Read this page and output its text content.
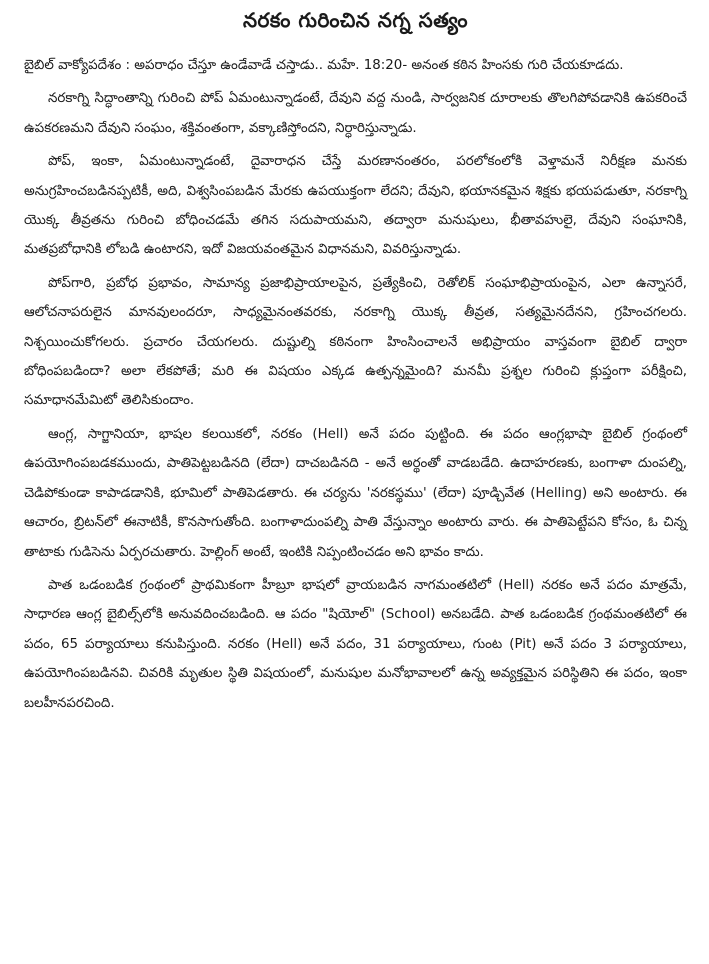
నరకం గురించిన నగ్న సత్యం

బైబిల్ వాక్యోపదేశం : అపరాధం చేస్తూ ఉండేవాడే చస్తాడు.. మహే. 18:20- అనంత కఠిన హింసకు గురి చేయకూడదు.

నరకాగ్ని సిద్ధాంతాన్ని గురించి పోప్ ఏమంటున్నాడంటే, దేవుని వద్ద నుండి, సార్వజనిక దూరాలకు తొలగిపోవడానికి ఉపకరించే ఉపకరణమని దేవుని సంఘం, శక్తివంతంగా, వక్కాణిస్తోందని, నిర్ధారిస్తున్నాడు.

పోప్, ఇంకా, ఏమంటున్నాడంటే, దైవారాధన చేస్తే మరణానంతరం, పరలోకంలోకి వెళ్తామనే నిరీక్షణ మనకు అనుగ్రహించబడినప్పటికీ, అది, విశ్వసింపబడిన మేరకు ఉపయుక్తంగా లేదని; దేవుని, భయానకమైన శిక్షకు భయపడుతూ, నరకాగ్ని యొక్క తీవ్రతను గురించి బోధించడమే తగిన సదుపాయమని, తద్వారా మనుషులు, భీతావహులై, దేవుని సంఘానికి, మతప్రబోధానికి లోబడి ఉంటారని, ఇదో విజయవంతమైన విధానమని, వివరిస్తున్నాడు.

పోప్‌గారి, ప్రబోధ ప్రభావం, సామాన్య ప్రజాభిప్రాయాలపైన, ప్రత్యేకించి, రెతోలిక్ సంఘాభిప్రాయంపైన, ఎలా ఉన్నాసరే, ఆలోచనాపరులైన మానవులందరూ, సాధ్యమైనంతవరకు, నరకాగ్ని యొక్క తీవ్రత, సత్యమైనదేనని, గ్రహించగలరు. నిశ్చయించుకోగలరు. ప్రచారం చేయగలరు. దుష్టుల్ని కఠినంగా హింసించాలనే అభిప్రాయం వాస్తవంగా బైబిల్ ద్వారా బోధింపబడిందా? అలా లేకపోతే; మరి ఈ విషయం ఎక్కడ ఉత్పన్నమైంది? మనమీ ప్రశ్నల గురించి క్లుప్తంగా పరీక్షించి, సమాధానమేమిటో తెలిసికుందాం.

ఆంగ్ల, సాగ్జానియా, భాషల కలయికలో, నరకం (Hell) అనే పదం పుట్టింది. ఈ పదం ఆంగ్లభాషా బైబిల్ గ్రంథంలో ఉపయోగింపబడకముందు, పాతిపెట్టబడినది (లేదా) దాచబడినది - అనే అర్థంతో వాడబడేది. ఉదాహరణకు, బంగాళా దుంపల్ని, చెడిపోకుండా కాపాడడానికి, భూమిలో పాతిపెడతారు. ఈ చర్యను 'నరకస్థము' (లేదా) పూడ్చివేత (Helling) అని అంటారు. ఈ ఆచారం, బ్రిటన్‌లో ఈనాటికీ, కొనసాగుతోంది. బంగాళాదుంపల్ని పాతి వేస్తున్నాం అంటారు వారు. ఈ పాతిపెట్టేపని కోసం, ఓ చిన్న తాటాకు గుడిసెను ఏర్పరచుతారు. హెల్లింగ్ అంటే, ఇంటికి నిప్పంటించడం అని భావం కాదు.

పాత ఒడంబడిక గ్రంథంలో ప్రాథమికంగా హీబ్రూ భాషలో వ్రాయబడిన నాగమంతటిలో (Hell) నరకం అనే పదం మాత్రమే, సాధారణ ఆంగ్ల బైబిల్స్‌లోకి అనువదించబడింది. ఆ పదం "షియోల్" (School) అనబడేది. పాత ఒడంబడిక గ్రంథమంతటిలో ఈ పదం, 65 పర్యాయాలు కనుపిస్తుంది. నరకం (Hell) అనే పదం, 31 పర్యాయాలు, గుంట (Pit) అనే పదం 3 పర్యాయాలు, ఉపయోగింపబడినవి. చివరికి మృతుల స్థితి విషయంలో, మనుషుల మనోభావాలలో ఉన్న అవ్యక్తమైన పరిస్థితిని ఈ పదం, ఇంకా బలహీనపరచింది.
